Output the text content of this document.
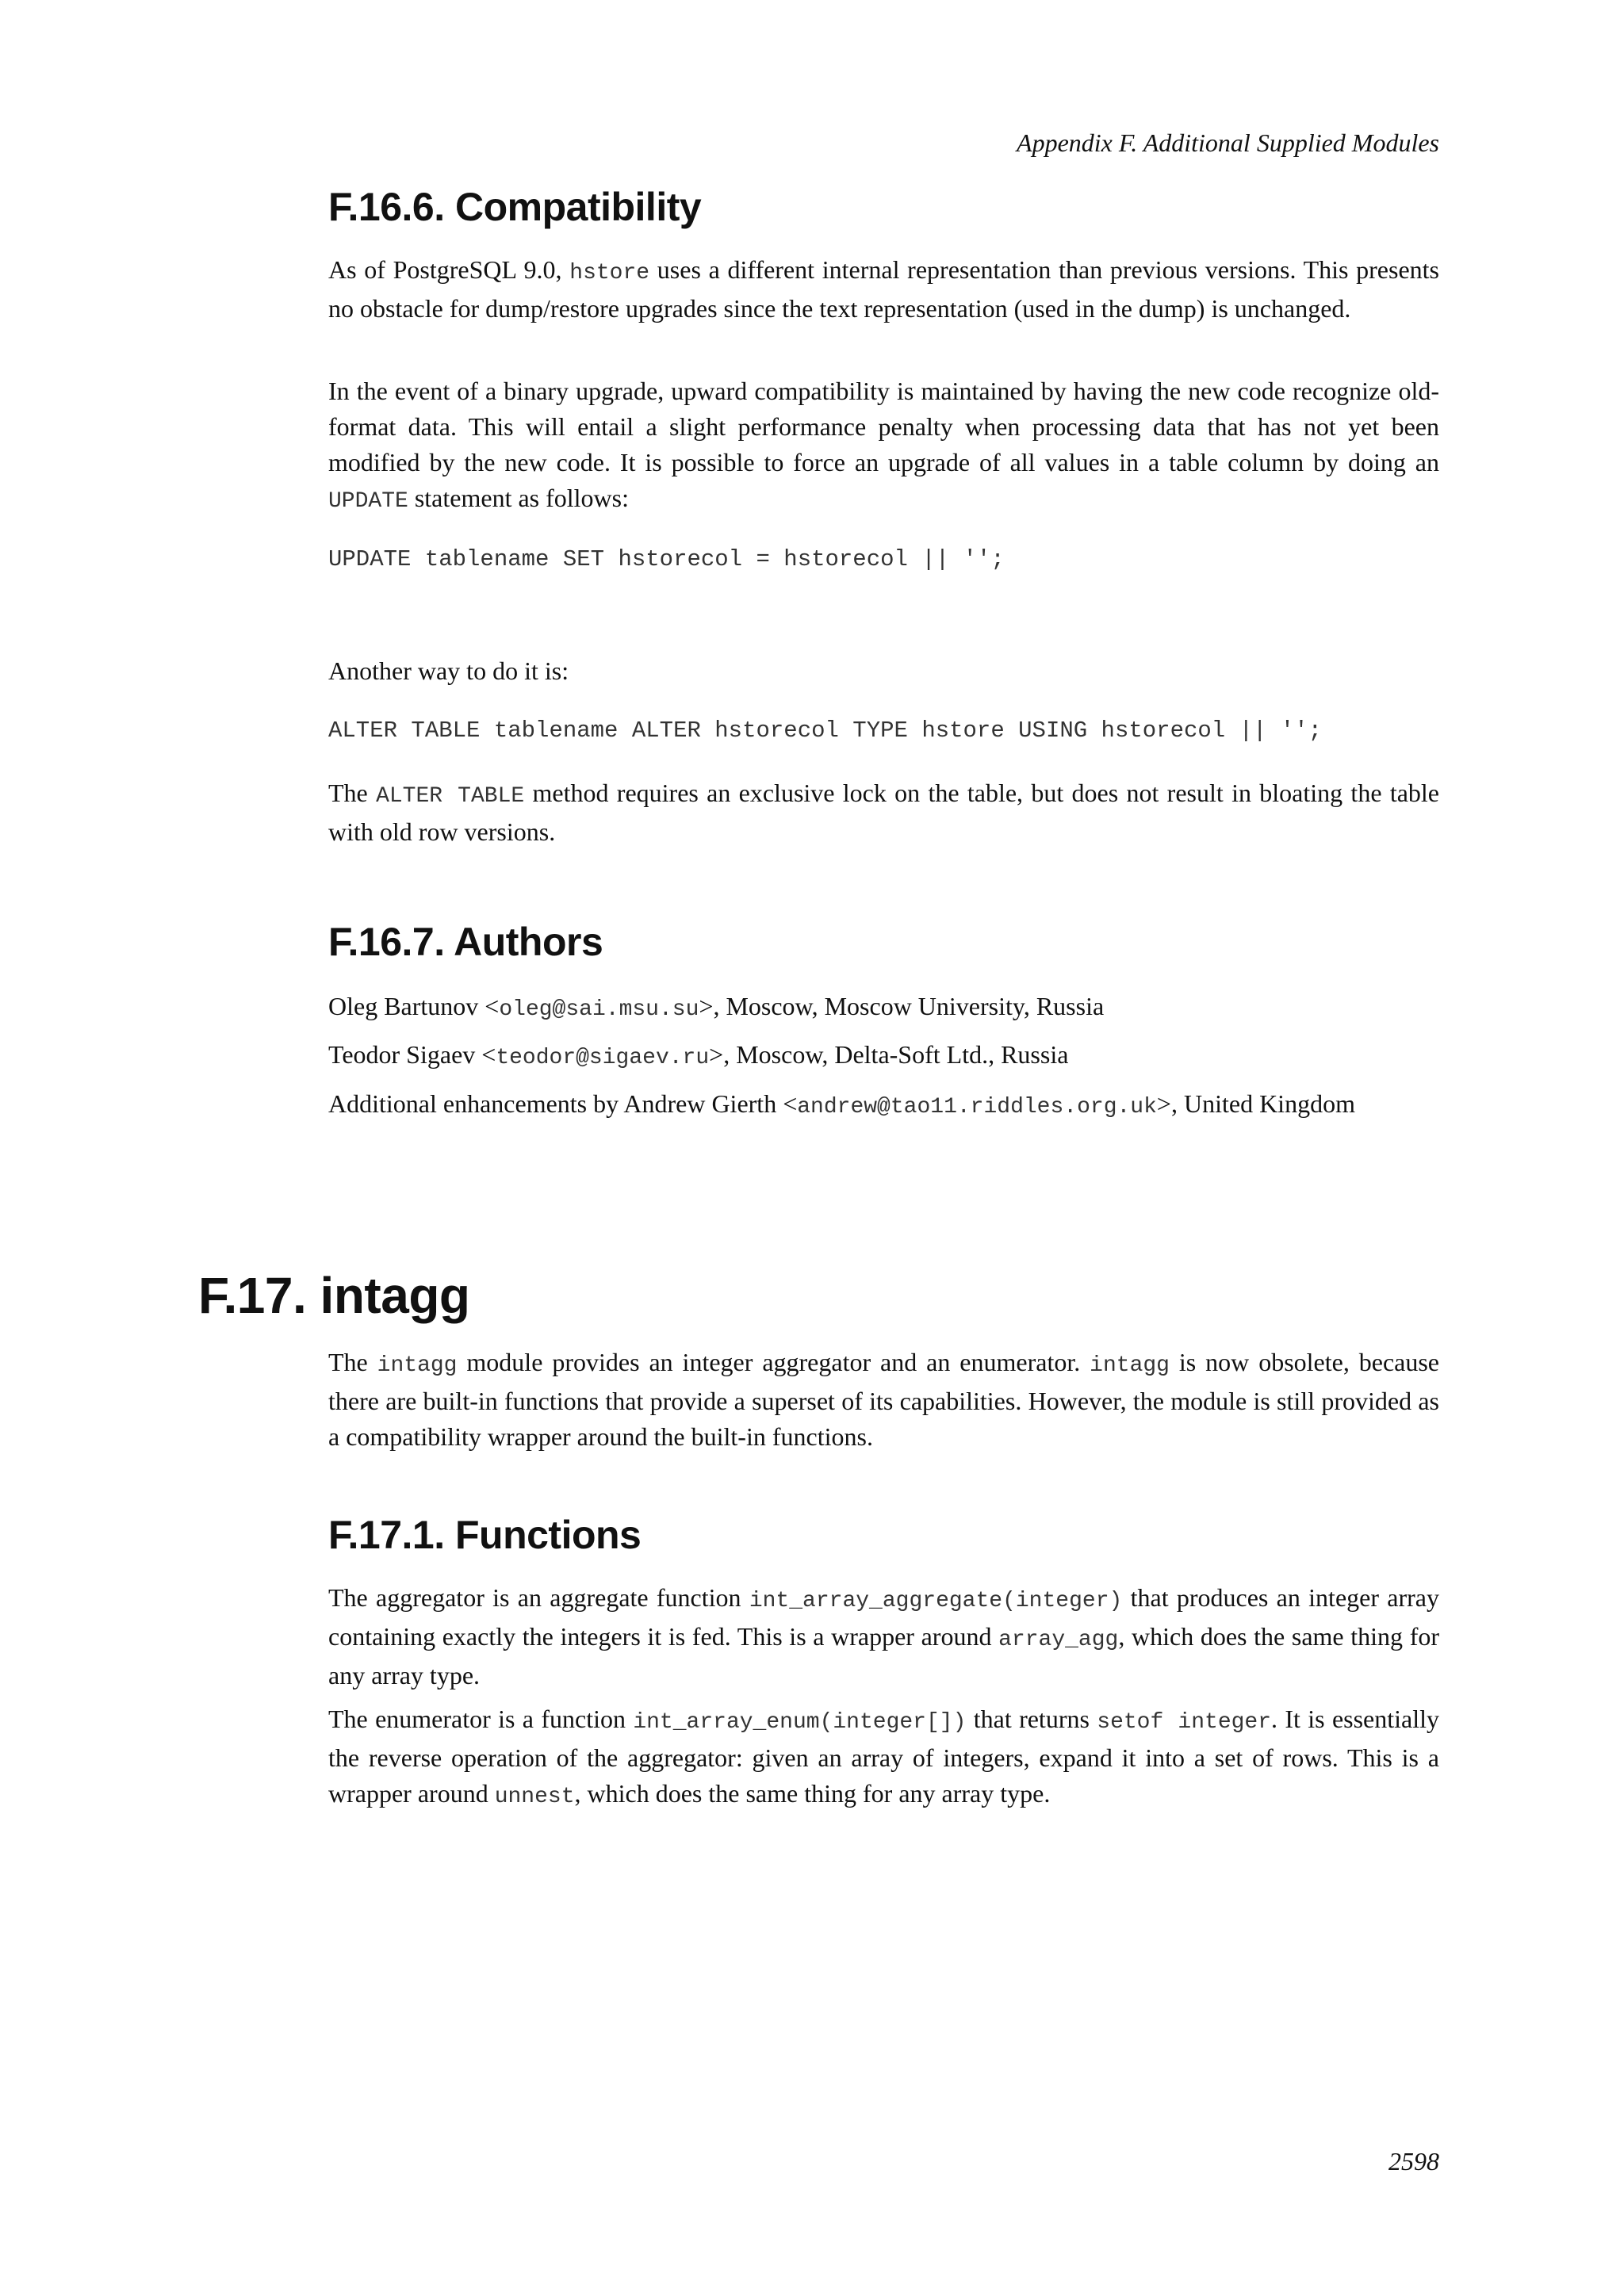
Appendix F. Additional Supplied Modules
F.16.6. Compatibility

As of PostgreSQL 9.0, hstore uses a different internal representation than previous versions. This presents no obstacle for dump/restore upgrades since the text representation (used in the dump) is unchanged.

In the event of a binary upgrade, upward compatibility is maintained by having the new code recognize old-format data. This will entail a slight performance penalty when processing data that has not yet been modified by the new code. It is possible to force an upgrade of all values in a table column by doing an UPDATE statement as follows:

UPDATE tablename SET hstorecol = hstorecol || '';

Another way to do it is:

ALTER TABLE tablename ALTER hstorecol TYPE hstore USING hstorecol || '';

The ALTER TABLE method requires an exclusive lock on the table, but does not result in bloating the table with old row versions.

F.16.7. Authors

Oleg Bartunov <oleg@sai.msu.su>, Moscow, Moscow University, Russia

Teodor Sigaev <teodor@sigaev.ru>, Moscow, Delta-Soft Ltd., Russia

Additional enhancements by Andrew Gierth <andrew@tao11.riddles.org.uk>, United Kingdom

F.17. intagg

The intagg module provides an integer aggregator and an enumerator. intagg is now obsolete, because there are built-in functions that provide a superset of its capabilities. However, the module is still provided as a compatibility wrapper around the built-in functions.

F.17.1. Functions

The aggregator is an aggregate function int_array_aggregate(integer) that produces an integer array containing exactly the integers it is fed. This is a wrapper around array_agg, which does the same thing for any array type.

The enumerator is a function int_array_enum(integer[]) that returns setof integer. It is essentially the reverse operation of the aggregator: given an array of integers, expand it into a set of rows. This is a wrapper around unnest, which does the same thing for any array type.

2598
